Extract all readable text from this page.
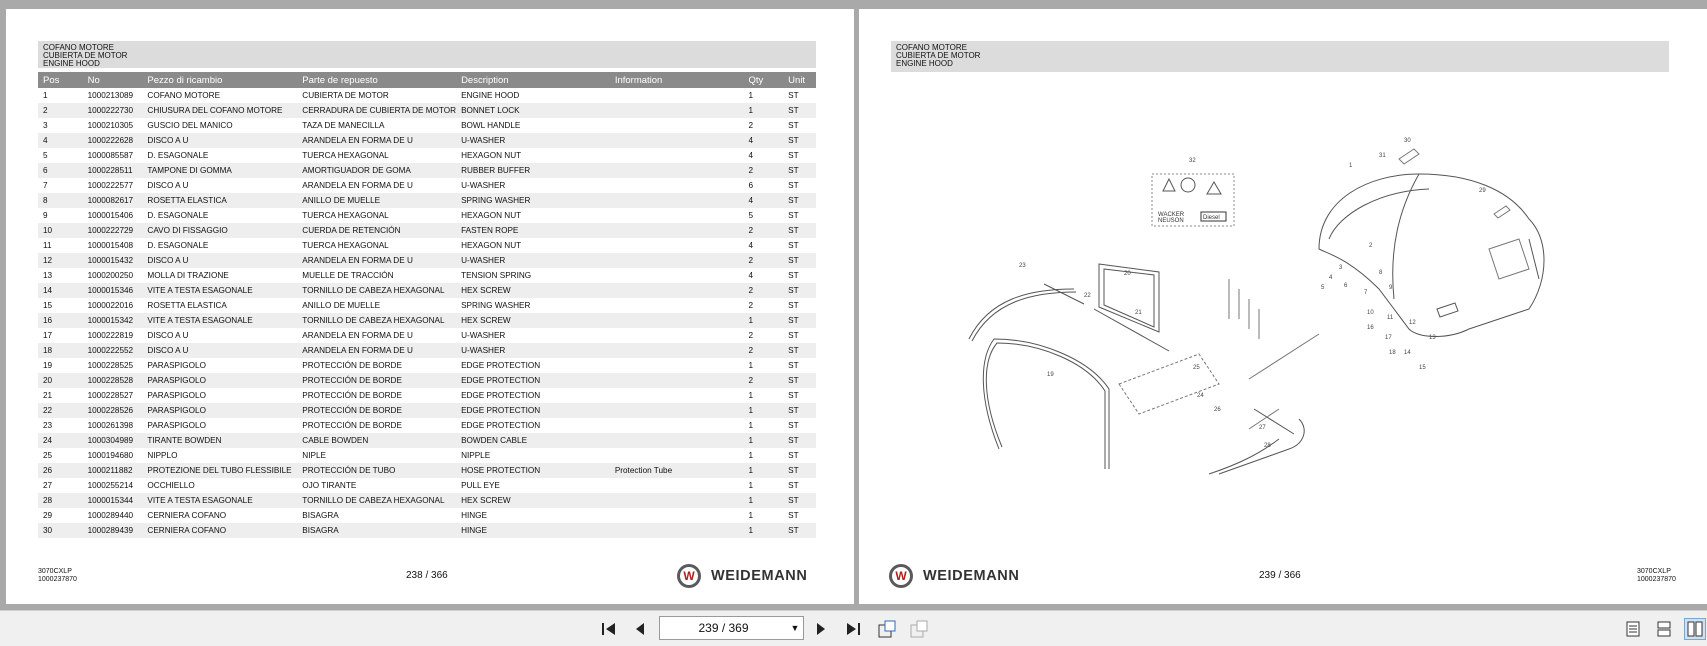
COFANO MOTORE
CUBIERTA DE MOTOR
ENGINE HOOD
Pos	No	Pezzo di ricambio	Parte de repuesto	Description	Information	Qty	Unit
1	1000213089	COFANO MOTORE	CUBIERTA DE MOTOR	ENGINE HOOD		1	ST
2	1000222730	CHIUSURA DEL COFANO MOTORE	CERRADURA DE CUBIERTA DE MOTOR	BONNET LOCK		1	ST
3	1000210305	GUSCIO DEL MANICO	TAZA DE MANECILLA	BOWL HANDLE		2	ST
4	1000222628	DISCO A U	ARANDELA EN FORMA DE U	U-WASHER		4	ST
5	1000085587	D. ESAGONALE	TUERCA HEXAGONAL	HEXAGON NUT		4	ST
6	1000228511	TAMPONE DI GOMMA	AMORTIGUADOR DE GOMA	RUBBER BUFFER		2	ST
7	1000222577	DISCO A U	ARANDELA EN FORMA DE U	U-WASHER		6	ST
8	1000082617	ROSETTA ELASTICA	ANILLO DE MUELLE	SPRING WASHER		4	ST
9	1000015406	D. ESAGONALE	TUERCA HEXAGONAL	HEXAGON NUT		5	ST
10	1000222729	CAVO DI FISSAGGIO	CUERDA DE RETENCIÓN	FASTEN ROPE		2	ST
11	1000015408	D. ESAGONALE	TUERCA HEXAGONAL	HEXAGON NUT		4	ST
12	1000015432	DISCO A U	ARANDELA EN FORMA DE U	U-WASHER		2	ST
13	1000200250	MOLLA DI TRAZIONE	MUELLE DE TRACCIÓN	TENSION SPRING		4	ST
14	1000015346	VITE A TESTA ESAGONALE	TORNILLO DE CABEZA HEXAGONAL	HEX SCREW		2	ST
15	1000022016	ROSETTA ELASTICA	ANILLO DE MUELLE	SPRING WASHER		2	ST
16	1000015342	VITE A TESTA ESAGONALE	TORNILLO DE CABEZA HEXAGONAL	HEX SCREW		1	ST
17	1000222819	DISCO A U	ARANDELA EN FORMA DE U	U-WASHER		2	ST
18	1000222552	DISCO A U	ARANDELA EN FORMA DE U	U-WASHER		2	ST
19	1000228525	PARASPIGOLO	PROTECCIÓN DE BORDE	EDGE PROTECTION		1	ST
20	1000228528	PARASPIGOLO	PROTECCIÓN DE BORDE	EDGE PROTECTION		2	ST
21	1000228527	PARASPIGOLO	PROTECCIÓN DE BORDE	EDGE PROTECTION		1	ST
22	1000228526	PARASPIGOLO	PROTECCIÓN DE BORDE	EDGE PROTECTION		1	ST
23	1000261398	PARASPIGOLO	PROTECCIÓN DE BORDE	EDGE PROTECTION		1	ST
24	1000304989	TIRANTE BOWDEN	CABLE BOWDEN	BOWDEN CABLE		1	ST
25	1000194680	NIPPLO	NIPLE	NIPPLE		1	ST
26	1000211882	PROTEZIONE DEL TUBO FLESSIBILE	PROTECCIÓN DE TUBO	HOSE PROTECTION	Protection Tube	1	ST
27	1000255214	OCCHIELLO	OJO TIRANTE	PULL EYE		1	ST
28	1000015344	VITE A TESTA ESAGONALE	TORNILLO DE CABEZA HEXAGONAL	HEX SCREW		1	ST
29	1000289440	CERNIERA COFANO	BISAGRA	HINGE		1	ST
30	1000289439	CERNIERA COFANO	BISAGRA	HINGE		1	ST
3070CXLP
1000237870	238 / 366	W WEIDEMANN
COFANO MOTORE
CUBIERTA DE MOTOR
ENGINE HOOD
WACKER
NEUSON	Diesel
1
2
3
4
5	6
7
8
9
10
11
12
13
14
15
16
17
18
19
20
21
22
23
24
25
26
27
28
29
30
31
32
W WEIDEMANN	239 / 366	3070CXLP
1000237870
239 / 369	▼
